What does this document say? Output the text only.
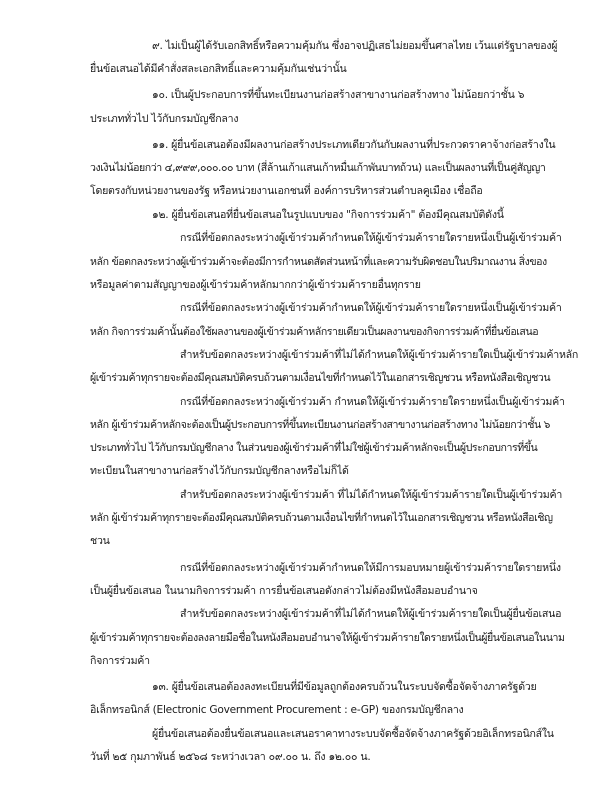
๙. ไม่เป็นผู้ได้รับเอกสิทธิ์หรือความคุ้มกัน ซึ่งอาจปฏิเสธไม่ยอมขึ้นศาลไทย เว้นแต่รัฐบาลของผู้
ยื่นข้อเสนอได้มีคำสั่งสละเอกสิทธิ์และความคุ้มกันเช่นว่านั้น
๑๐. เป็นผู้ประกอบการที่ขึ้นทะเบียนงานก่อสร้างสาขางานก่อสร้างทาง ไม่น้อยกว่าชั้น ๖
ประเภททั่วไป ไว้กับกรมบัญชีกลาง
๑๑. ผู้ยื่นข้อเสนอต้องมีผลงานก่อสร้างประเภทเดียวกันกับผลงานที่ประกวดราคาจ้างก่อสร้างใน
วงเงินไม่น้อยกว่า ๔,๙๙๙,๐๐๐.๐๐ บาท (สี่ล้านเก้าแสนเก้าหมื่นเก้าพันบาทถ้วน) และเป็นผลงานที่เป็นคู่สัญญา
โดยตรงกับหน่วยงานของรัฐ หรือหน่วยงานเอกชนที่ องค์การบริหารส่วนตำบลคูเมือง เชื่อถือ
๑๒. ผู้ยื่นข้อเสนอที่ยื่นข้อเสนอในรูปแบบของ "กิจการร่วมค้า" ต้องมีคุณสมบัติดังนี้
กรณีที่ข้อตกลงระหว่างผู้เข้าร่วมค้ากำหนดให้ผู้เข้าร่วมค้ารายใดรายหนึ่งเป็นผู้เข้าร่วมค้า
หลัก ข้อตกลงระหว่างผู้เข้าร่วมค้าจะต้องมีการกำหนดสัดส่วนหน้าที่และความรับผิดชอบในปริมาณงาน สิ่งของ
หรือมูลค่าตามสัญญาของผู้เข้าร่วมค้าหลักมากกว่าผู้เข้าร่วมค้ารายอื่นทุกราย
กรณีที่ข้อตกลงระหว่างผู้เข้าร่วมค้ากำหนดให้ผู้เข้าร่วมค้ารายใดรายหนึ่งเป็นผู้เข้าร่วมค้า
หลัก กิจการร่วมค้านั้นต้องใช้ผลงานของผู้เข้าร่วมค้าหลักรายเดียวเป็นผลงานของกิจการร่วมค้าที่ยื่นข้อเสนอ
สำหรับข้อตกลงระหว่างผู้เข้าร่วมค้าที่ไม่ได้กำหนดให้ผู้เข้าร่วมค้ารายใดเป็นผู้เข้าร่วมค้าหลัก
ผู้เข้าร่วมค้าทุกรายจะต้องมีคุณสมบัติครบถ้วนตามเงื่อนไขที่กำหนดไว้ในเอกสารเชิญชวน หรือหนังสือเชิญชวน
กรณีที่ข้อตกลงระหว่างผู้เข้าร่วมค้า กำหนดให้ผู้เข้าร่วมค้ารายใดรายหนึ่งเป็นผู้เข้าร่วมค้า
หลัก ผู้เข้าร่วมค้าหลักจะต้องเป็นผู้ประกอบการที่ขึ้นทะเบียนงานก่อสร้างสาขางานก่อสร้างทาง ไม่น้อยกว่าชั้น ๖
ประเภททั่วไป ไว้กับกรมบัญชีกลาง ในส่วนของผู้เข้าร่วมค้าที่ไม่ใช่ผู้เข้าร่วมค้าหลักจะเป็นผู้ประกอบการที่ขึ้น
ทะเบียนในสาขางานก่อสร้างไว้กับกรมบัญชีกลางหรือไม่ก็ได้
สำหรับข้อตกลงระหว่างผู้เข้าร่วมค้า ที่ไม่ได้กำหนดให้ผู้เข้าร่วมค้ารายใดเป็นผู้เข้าร่วมค้า
หลัก ผู้เข้าร่วมค้าทุกรายจะต้องมีคุณสมบัติครบถ้วนตามเงื่อนไขที่กำหนดไว้ในเอกสารเชิญชวน หรือหนังสือเชิญ
ชวน
กรณีที่ข้อตกลงระหว่างผู้เข้าร่วมค้ากำหนดให้มีการมอบหมายผู้เข้าร่วมค้ารายใดรายหนึ่ง
เป็นผู้ยื่นข้อเสนอ ในนามกิจการร่วมค้า การยื่นข้อเสนอดังกล่าวไม่ต้องมีหนังสือมอบอำนาจ
สำหรับข้อตกลงระหว่างผู้เข้าร่วมค้าที่ไม่ได้กำหนดให้ผู้เข้าร่วมค้ารายใดเป็นผู้ยื่นข้อเสนอ
ผู้เข้าร่วมค้าทุกรายจะต้องลงลายมือชื่อในหนังสือมอบอำนาจให้ผู้เข้าร่วมค้ารายใดรายหนึ่งเป็นผู้ยื่นข้อเสนอในนาม
กิจการร่วมค้า
๑๓. ผู้ยื่นข้อเสนอต้องลงทะเบียนที่มีข้อมูลถูกต้องครบถ้วนในระบบจัดซื้อจัดจ้างภาครัฐด้วย
อิเล็กทรอนิกส์ (Electronic Government Procurement : e-GP) ของกรมบัญชีกลาง
ผู้ยื่นข้อเสนอต้องยื่นข้อเสนอและเสนอราคาทางระบบจัดซื้อจัดจ้างภาครัฐด้วยอิเล็กทรอนิกส์ใน
วันที่ ๒๕ กุมภาพันธ์ ๒๕๖๘ ระหว่างเวลา ๐๙.๐๐ น. ถึง ๑๒.๐๐ น.
